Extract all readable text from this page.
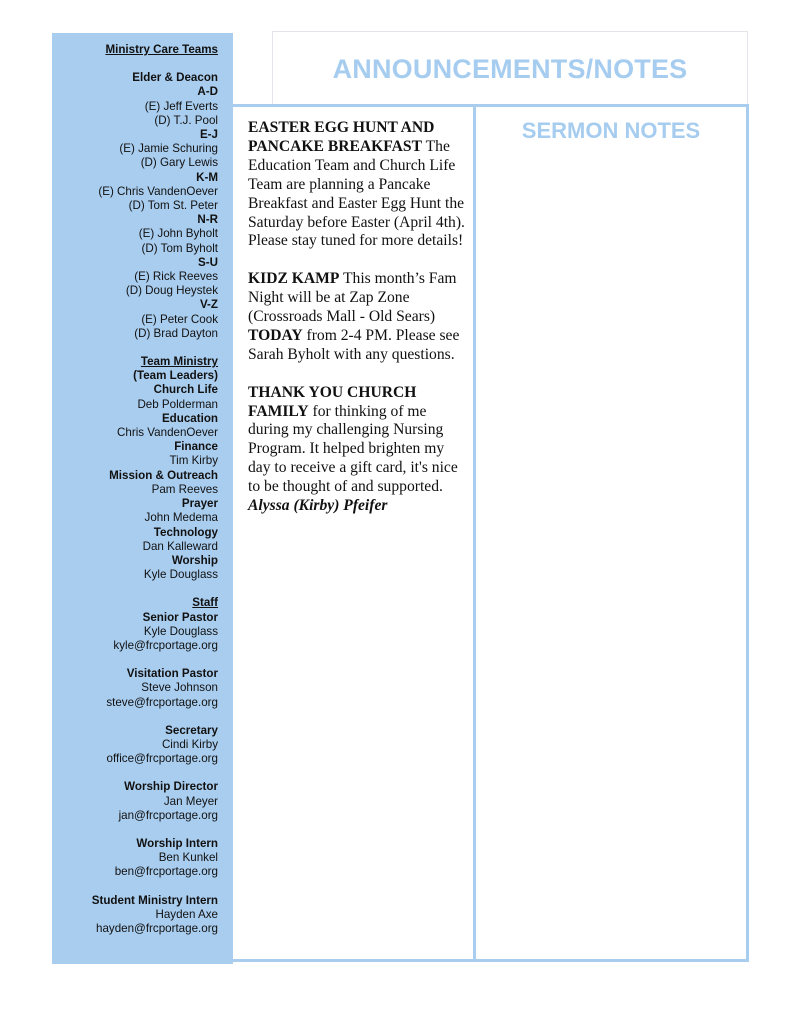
Ministry Care Teams
Elder & Deacon
A-D
(E) Jeff Everts
(D) T.J. Pool
E-J
(E) Jamie Schuring
(D) Gary Lewis
K-M
(E) Chris VandenOever
(D) Tom St. Peter
N-R
(E) John Byholt
(D) Tom Byholt
S-U
(E) Rick Reeves
(D) Doug Heystek
V-Z
(E) Peter Cook
(D) Brad Dayton
Team Ministry
(Team Leaders)
Church Life
Deb Polderman
Education
Chris VandenOever
Finance
Tim Kirby
Mission & Outreach
Pam Reeves
Prayer
John Medema
Technology
Dan Kalleward
Worship
Kyle Douglass
Staff
Senior Pastor
Kyle Douglass
kyle@frcportage.org
Visitation Pastor
Steve Johnson
steve@frcportage.org
Secretary
Cindi Kirby
office@frcportage.org
Worship Director
Jan Meyer
jan@frcportage.org
Worship Intern
Ben Kunkel
ben@frcportage.org
Student Ministry Intern
Hayden Axe
hayden@frcportage.org
ANNOUNCEMENTS/NOTES

EASTER EGG HUNT AND PANCAKE BREAKFAST The Education Team and Church Life Team are planning a Pancake Breakfast and Easter Egg Hunt the Saturday before Easter (April 4th). Please stay tuned for more details!

KIDZ KAMP This month’s Fam Night will be at Zap Zone (Crossroads Mall - Old Sears) TODAY from 2-4 PM. Please see Sarah Byholt with any questions.

THANK YOU CHURCH FAMILY for thinking of me during my challenging Nursing Program. It helped brighten my day to receive a gift card, it's nice to be thought of and supported.
Alyssa (Kirby) Pfeifer

SERMON NOTES
